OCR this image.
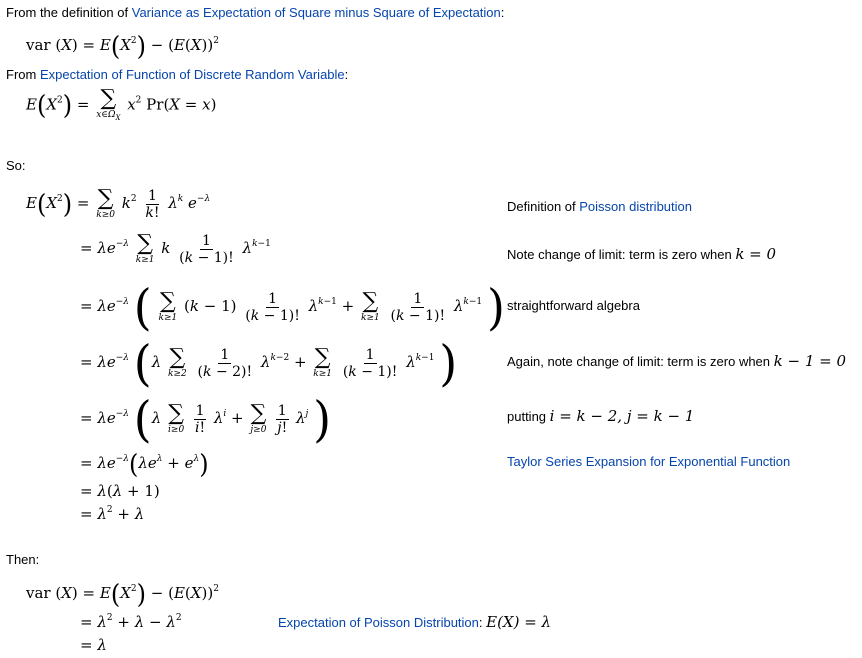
From the definition of Variance as Expectation of Square minus Square of Expectation:
var $(X) = E(X^2) - (E(X))^2$
From Expectation of Function of Discrete Random Variable:
$E(X^2)$ = ∑
$x\in\Omega_X$
$x^2$ Pr(X = x)
So:
$E(X^2)$ = ∑
k≥0
$k^2 \frac{1}{k!} \lambda^k$ $e^{-\lambda}$
= $\lambda e^{-\lambda}$ ∑
k≥1
k $\frac{1}{(k - 1)!} \lambda^{k-1}$
= $\lambda e^{-\lambda}$ ( ∑
k≥1
$(k - 1) \frac{1}{(k - 1)!} \lambda^{k-1}$ + ∑
k≥1
$\frac{1}{(k - 1)!} \lambda^{k-1}$ )
= $\lambda e^{-\lambda}$ (λ ∑
k≥2
$\frac{1}{(k - 2)!} \lambda^{k-2}$ + ∑
k≥1
$\frac{1}{(k - 1)!} \lambda^{k-1}$ )
= $\lambda e^{-\lambda}$ (λ ∑
i≥0
$\frac{1}{i!} \lambda^i$ + ∑
j≥0
$\frac{1}{j!} \lambda^j$ )
= $\lambda e^{-\lambda}(\lambda e^\lambda + e^\lambda)$
= λ(λ + 1)
= $\lambda^2 + \lambda$
Definition of Poisson distribution
Note change of limit: term is zero when k = 0
straightforward algebra
Again, note change of limit: term is zero when k − 1 = 0
putting i = k − 2, j = k − 1
Taylor Series Expansion for Exponential Function
Then:
var $(X) = E(X^2) - (E(X))^2$
= $\lambda^2 + \lambda - \lambda^2$
= λ
Expectation of Poisson Distribution: E(X) = λ
